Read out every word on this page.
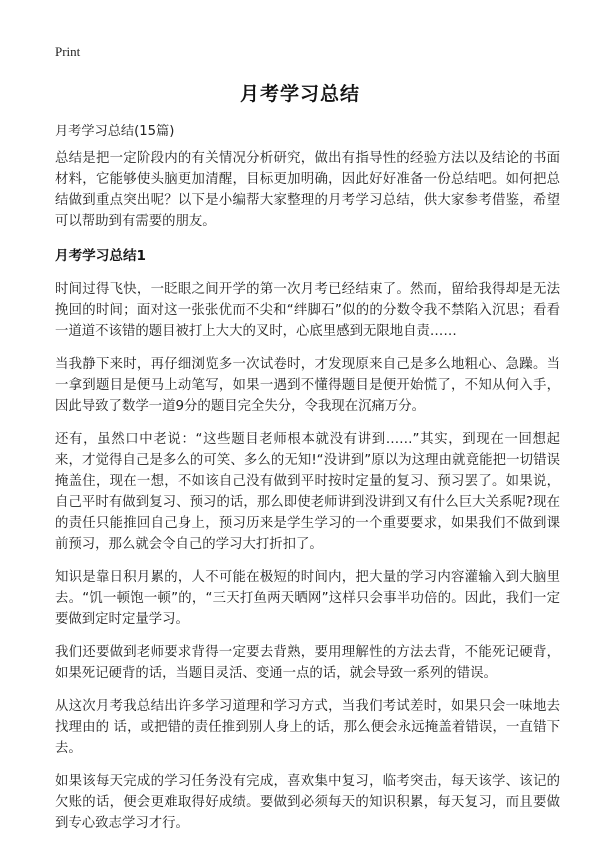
Print
月考学习总结
月考学习总结(15篇)

总结是把一定阶段内的有关情况分析研究，做出有指导性的经验方法以及结论的书面材料，它能够使头脑更加清醒，目标更加明确，因此好好准备一份总结吧。如何把总结做到重点突出呢？以下是小编帮大家整理的月考学习总结，供大家参考借鉴，希望可以帮助到有需要的朋友。

月考学习总结1

时间过得飞快，一眨眼之间开学的第一次月考已经结束了。然而，留给我得却是无法挽回的时间；面对这一张张优而不尖和“绊脚石”似的的分数令我不禁陷入沉思；看看一道道不该错的题目被打上大大的叉时，心底里感到无限地自责……

当我静下来时，再仔细浏览多一次试卷时，才发现原来自己是多么地粗心、急躁。当一拿到题目是便马上动笔写，如果一遇到不懂得题目是便开始慌了，不知从何入手，因此导致了数学一道9分的题目完全失分，令我现在沉痛万分。

还有，虽然口中老说：“这些题目老师根本就没有讲到……”其实，到现在一回想起来，才觉得自己是多么的可笑、多么的无知!“没讲到”原以为这理由就竟能把一切错误掩盖住，现在一想，不如该自己没有做到平时按时定量的复习、预习罢了。如果说，自己平时有做到复习、预习的话，那么即使老师讲到没讲到又有什么巨大关系呢?现在的责任只能推回自己身上，预习历来是学生学习的一个重要要求，如果我们不做到课前预习，那么就会令自己的学习大打折扣了。

知识是靠日积月累的，人不可能在极短的时间内，把大量的学习内容灌输入到大脑里去。“饥一顿饱一顿”的，“三天打鱼两天晒网”这样只会事半功倍的。因此，我们一定要做到定时定量学习。

我们还要做到老师要求背得一定要去背熟，要用理解性的方法去背，不能死记硬背，如果死记硬背的话，当题目灵活、变通一点的话，就会导致一系列的错误。

从这次月考我总结出许多学习道理和学习方式，当我们考试差时，如果只会一味地去找理由的 话，或把错的责任推到别人身上的话，那么便会永远掩盖着错误，一直错下去。

如果该每天完成的学习任务没有完成，喜欢集中复习，临考突击，每天该学、该记的欠账的话，便会更难取得好成绩。要做到必须每天的知识积累，每天复习，而且要做到专心致志学习才行。
